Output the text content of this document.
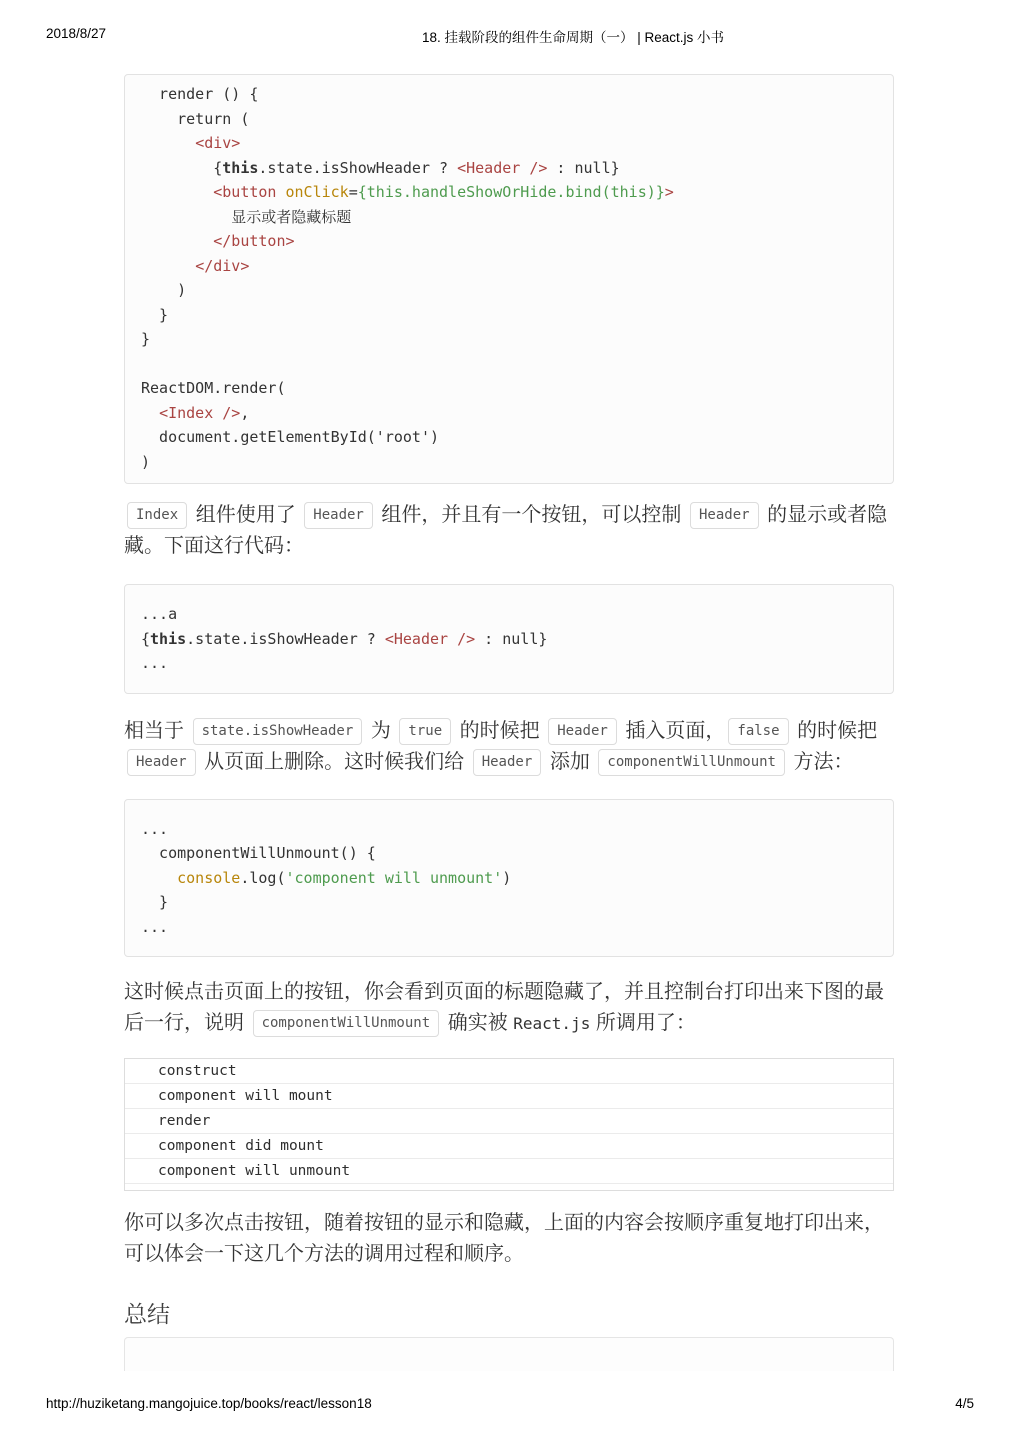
2018/8/27	18. 挂载阶段的组件生命周期（一） | React.js 小书
render () {
return (
<div>
{this.state.isShowHeader ? <Header /> : null}
<button onClick={this.handleShowOrHide.bind(this)}>
显示或者隐藏标题
</button>
</div>
)
}
}

ReactDOM.render(
<Index />,
document.getElementById('root')
)

Index 组件使用了 Header 组件，并且有一个按钮，可以控制 Header 的显示或者隐藏。下面这行代码：

...a
{this.state.isShowHeader ? <Header /> : null}
...

相当于 state.isShowHeader 为 true 的时候把 Header 插入页面， false 的时候把 Header 从页面上删除。这时候我们给 Header 添加 componentWillUnmount 方法：

...
componentWillUnmount() {
console.log('component will unmount')
}
...

这时候点击页面上的按钮，你会看到页面的标题隐藏了，并且控制台打印出来下图的最后一行，说明 componentWillUnmount 确实被 React.js 所调用了：

construct
component will mount
render
component did mount
component will unmount

你可以多次点击按钮，随着按钮的显示和隐藏，上面的内容会按顺序重复地打印出来，可以体会一下这几个方法的调用过程和顺序。

总结
http://huziketang.mangojuice.top/books/react/lesson18	4/5
